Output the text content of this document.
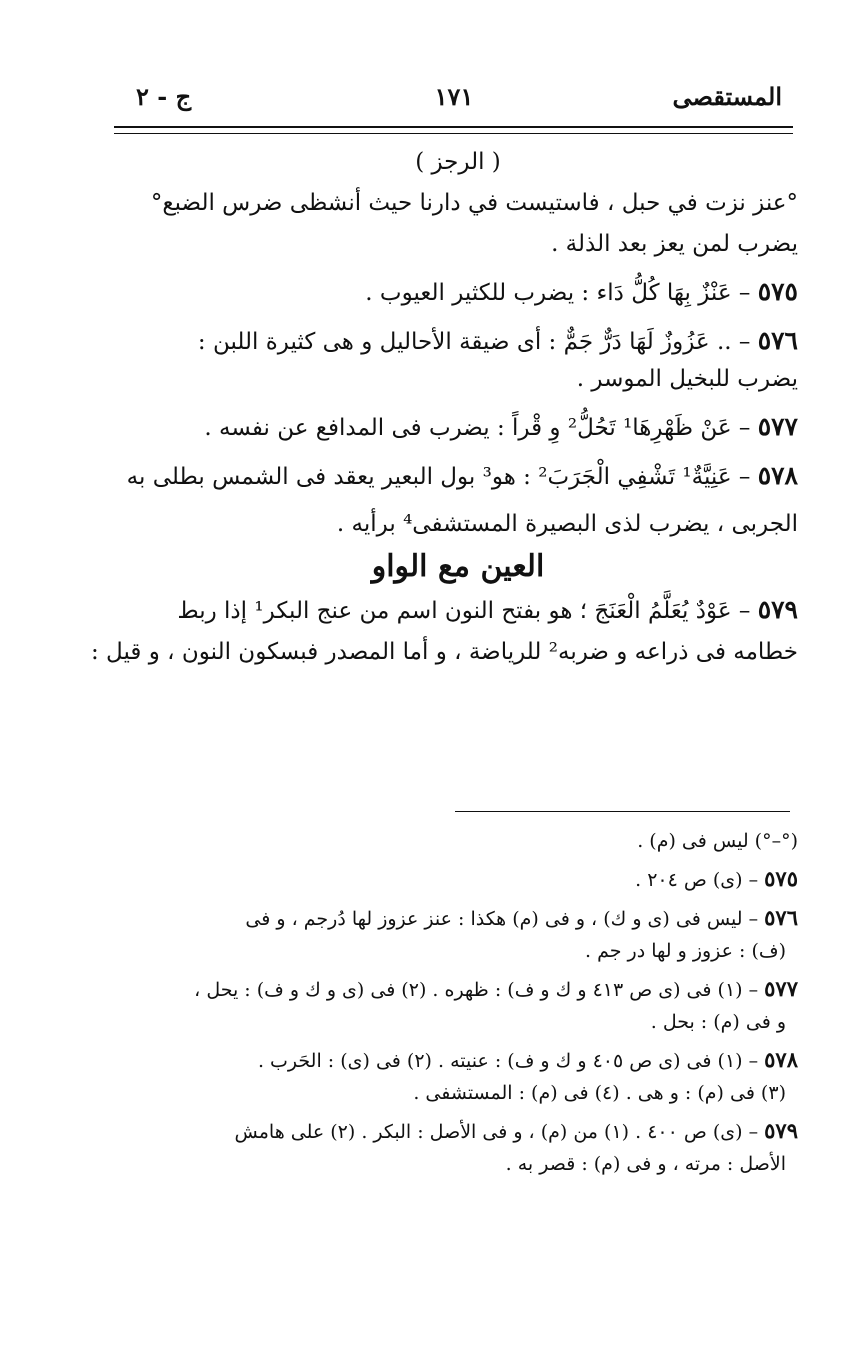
المستقصى
١٧١
ج - ٢
( الرجز )
°عنز نزت في حبل ، فاستيست في دارنا حيث أنشظى ضرس الضبع°
يضرب لمن يعز بعد الذلة .
٥٧٥ – عَنْزٌ بِهَا كُلُّ دَاء : يضرب للكثير العيوب .
٥٧٦ – .. عَزُوزٌ لَهَا دَرٌّ جَمٌّ : أى ضيقة الأحاليل و هى كثيرة اللبن :
يضرب للبخيل الموسر .
٥٧٧ – عَنْ ظَهْرِهَا¹ تَحُلُّ² وِ قْراً : يضرب فى المدافع عن نفسه .
٥٧٨ – عَنِيَّةٌ¹ تَشْفِي الْجَرَبَ² : هو³ بول البعير يعقد فى الشمس بطلى به
الجربى ، يضرب لذى البصيرة المستشفى⁴ برأيه .
العين مع الواو
٥٧٩ – عَوْدٌ يُعَلَّمُ الْعَنَجَ ؛ هو بفتح النون اسم من عنج البكر¹ إذا ربط
خطامه فى ذراعه و ضربه² للرياضة ، و أما المصدر فبسكون النون ، و قيل :
(°–°) ليس فى (م) .
٥٧٥ – (ى) ص ٢٠٤ .
٥٧٦ – ليس فى (ى و ك) ، و فى (م) هكذا : عنز عزوز لها دُرجم ، و فى
(ف) : عزوز و لها در جم .
٥٧٧ – (١) فى (ى ص ٤١٣ و ك و ف) : ظهره . (٢) فى (ى و ك و ف) : يحل ،
و فى (م) : بحل .
٥٧٨ – (١) فى (ى ص ٤٠٥ و ك و ف) : عنيته . (٢) فى (ى) : الحَرب .
(٣) فى (م) : و هى . (٤) فى (م) : المستشفى .
٥٧٩ – (ى) ص ٤٠٠ . (١) من (م) ، و فى الأصل : البكر . (٢) على هامش
الأصل : مرته ، و فى (م) : قصر به .
